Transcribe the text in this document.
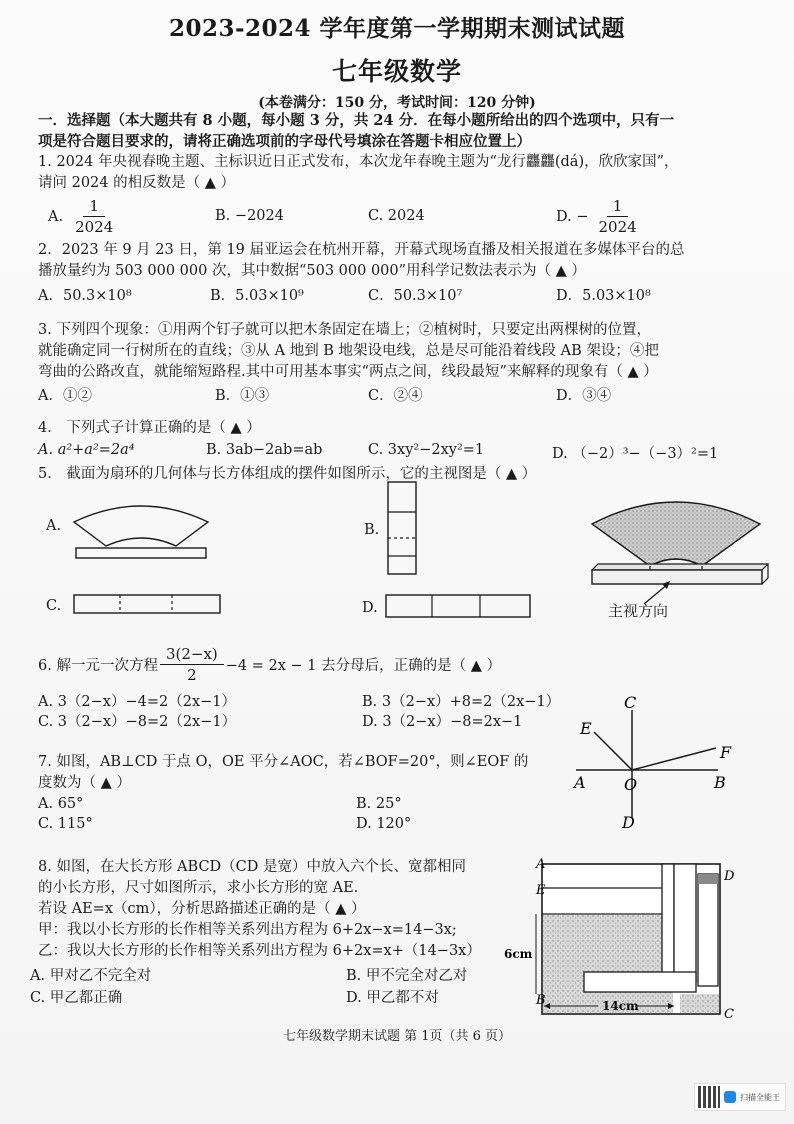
2023-2024 学年度第一学期期末测试试题
七年级数学
(本卷满分：150 分，考试时间：120 分钟)
一．选择题（本大题共有 8 小题，每小题 3 分，共 24 分．在每小题所给出的四个选项中，只有一
项是符合题目要求的，请将正确选项前的字母代号填涂在答题卡相应位置上）
1. 2024 年央视春晚主题、主标识近日正式发布，本次龙年春晚主题为“龙行龘龘(dá)，欣欣家国”，
请问 2024 的相反数是（ ▲ ）
A. $\frac{1}{2024}$	B. −2024	C. 2024	D. − $\frac{1}{2024}$
2．2023 年 9 月 23 日，第 19 届亚运会在杭州开幕，开幕式现场直播及相关报道在多媒体平台的总
播放量约为 503 000 000 次，其中数据“503 000 000”用科学记数法表示为（ ▲ ）
A．50.3×10⁸	B．5.03×10⁹	C．50.3×10⁷	D．5.03×10⁸
3. 下列四个现象：①用两个钉子就可以把木条固定在墙上；②植树时，只要定出两棵树的位置，
就能确定同一行树所在的直线；③从 A 地到 B 地架设电线，总是尽可能沿着线段 AB 架设；④把
弯曲的公路改直，就能缩短路程.其中可用基本事实“两点之间，线段最短”来解释的现象有（ ▲ ）
A．①②	B．①③	C．②④	D．③④
4． 下列式子计算正确的是（ ▲ ）
A. a²+a²=2a⁴	B. 3ab−2ab=ab	C. 3xy²−2xy²=1	D. （−2）³−（−3）²=1
5． 截面为扇环的几何体与长方体组成的摆件如图所示，它的主视图是（ ▲ ）
A.	B.
C.	D.	主视方向
6. 解一元一次方程 $\frac{3(2-x)}{2} -4 = 2x - 1$ 去分母后，正确的是（ ▲ ）
A. 3（2−x）−4=2（2x−1）	B. 3（2−x）+8=2（2x−1）
C. 3（2−x）−8=2（2x−1）	D. 3（2−x）−8=2x−1
7. 如图，AB⊥CD 于点 O，OE 平分∠AOC，若∠BOF=20°，则∠EOF 的
度数为（ ▲ ）
A. 65°	B. 25°
C. 115°	D. 120°
C
E
F
A O	B
D
8. 如图，在大长方形 ABCD（CD 是宽）中放入六个长、宽都相同
的小长方形，尺寸如图所示，求小长方形的宽 AE.
若设 AE=x（cm），分析思路描述正确的是（ ▲ ）
甲：我以小长方形的长作相等关系列出方程为 6+2x−x=14−3x;
乙：我以大长方形的长作相等关系列出方程为 6+2x=x+（14−3x）
A. 甲对乙不完全对	B. 甲不完全对乙对
C. 甲乙都正确	D. 甲乙都不对
A
E
D
B
C
6cm
14cm
七年级数学期末试题 第 1页（共 6 页）
扫描全能王
